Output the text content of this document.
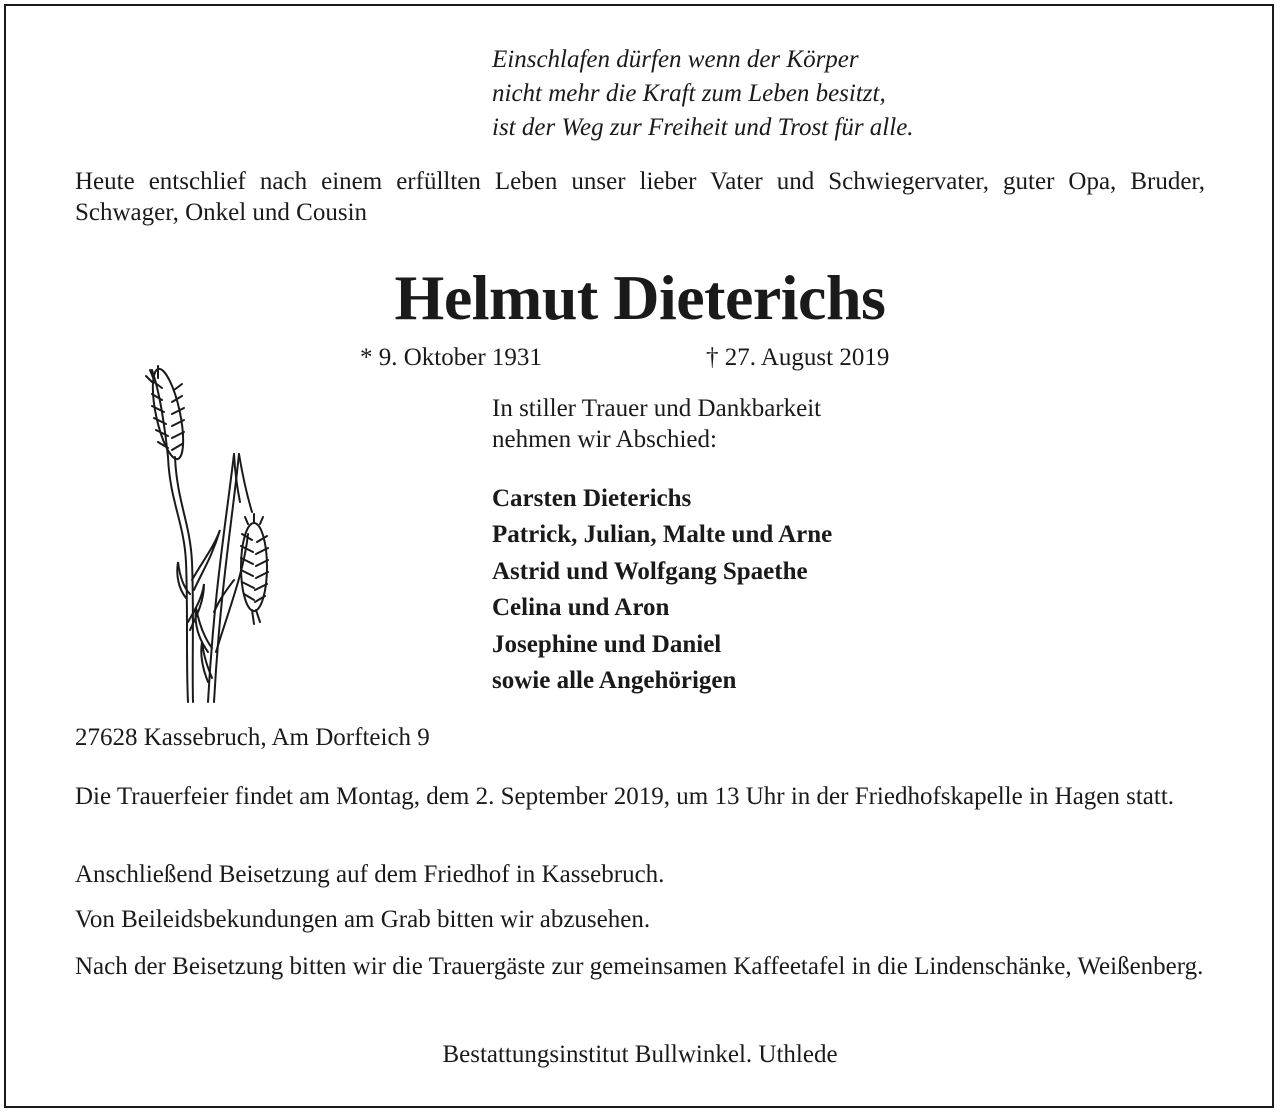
Einschlafen dürfen wenn der Körper
nicht mehr die Kraft zum Leben besitzt,
ist der Weg zur Freiheit und Trost für alle.
Heute entschlief nach einem erfüllten Leben unser lieber Vater und Schwiegervater, guter Opa, Bruder, Schwager, Onkel und Cousin
Helmut Dieterichs
* 9. Oktober 1931	† 27. August 2019
In stiller Trauer und Dankbarkeit
nehmen wir Abschied:
Carsten Dieterichs
Patrick, Julian, Malte und Arne
Astrid und Wolfgang Spaethe
Celina und Aron
Josephine und Daniel
sowie alle Angehörigen
27628 Kassebruch, Am Dorfteich 9
Die Trauerfeier findet am Montag, dem 2. September 2019, um 13 Uhr in der Friedhofskapelle in Hagen statt.
Anschließend Beisetzung auf dem Friedhof in Kassebruch.
Von Beileidsbekundungen am Grab bitten wir abzusehen.
Nach der Beisetzung bitten wir die Trauergäste zur gemeinsamen Kaffeetafel in die Lindenschänke, Weißenberg.
Bestattungsinstitut Bullwinkel. Uthlede
